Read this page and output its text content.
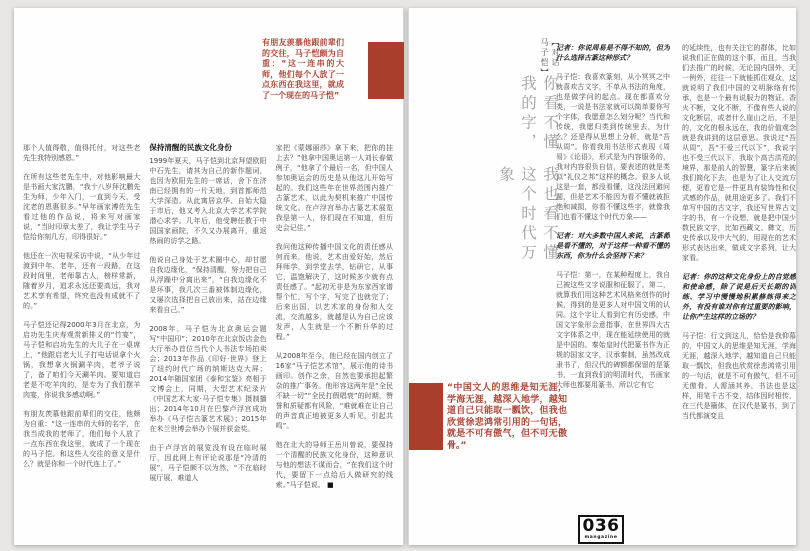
有朋友羡慕他跟前辈们的交往，马子恺颇为自重：“这一连串的大师，他们每个人放了一点东西在我这里，就成了一个现在的马子恺”

那个人值得敬，值得托付，对这些老先生我特别感恩。”

在所有这些老先生中，对他影响最大是书画大家沈鹏，“我十八岁拜沈鹏先生为师，少年入门，一直到今天，受沈老的恩惠很多。”早年画家溥佐先生看过他的作品说，将来写对画家说，“当时印章太差了，我让学生马子恺给你刻几方，印得很好。”

他还在一次电视采访中说，“从少年过渡到中年、老年，还有一段路，在这段时间里，老师靠古人，榜样常新，随着岁月，追求永远还要高远，我对艺术享有希望，终究也没有成就不了的。”

马子恺还记得2000年3月在北京，为启功先生庆寿观赏新排义的“竹宴”，马子恺和启功先生的大儿子在一桌席上，“他跟启老大儿子打电话说拿个火锅，我想拿火锅涮羊肉，老爷子说了，备了咱们今天涮羊肉。要知道启老是不吃羊肉的，是专为了我们摆羊肉宴，你说我多感动啊。”

有朋友羡慕他跟前辈们的交往，他颇为自重：“这一连串的大师的名字，在我当成我的老师了，他们每个人放了一点东西在我这里，就成了一个现在的马子恺。和这些人交往的意义是什么？就是你和一个时代连上了。”

保持清醒的民族文化身份

1999年夏天，马子恺到北京拜望欧阳中石先生，请其为自己的新作题词，也因为欧阳先生的一席话，舍下在济南已经拥有的一片天地，到首都师范大学深造。从此寓居京华、自始大隐于市后，他又考入北京大学艺术学院潜心求学。几年后，他受聘任教于中国国家画院，不久又办展离开，重返热闹的访学之路。

他说自己身处于艺术圈中心，却甘愿自我边缘化，“保持清醒，努力把自己从浮躁中分离出来”，“自我边缘化不是坏事，我几次三番被体制边缘化，又屡次选择把自己放出来，站在边缘来看自己。”

2008年，马子恺为北京奥运会题写“中国印”；2010年在北京饭店金色大厅举办首位当代个人书法专场拍卖会；2013年作品《印好·世界》登上了纽约时代广场的纳斯达克大屏；2014年随国家团《泰和宝鉴》亮相于文博会上，同期，大型艺术纪录片《中国艺术大家·马子恺专集》摄制播出；2014年10月在巴黎卢浮宫成功举办《马子恺古篆艺术展》；2015年在米兰世博会举办个展并获金奖。

由于卢浮宫的展览没有设在临时展厅，因此网上有评论说那是“冷清的展”，马子恺颇不以为然，“不在临时展厅展，难道人

家把《蒙娜丽莎》拿下来，把你的挂上去？”他拿中国奥运第一人刘长春做例子，“他拿了个最后一名，但中国人参加奥运会的历史是从他这儿开始写起的。我们这些年在世界范围内推广古篆艺术，以此为契机来推广中国传统文化。在卢浮宫举办古篆艺术展览我是第一人，你们现在不知道，但历史会记住。”

我问他这种传播中国文化的责任感从何而来，他说，艺术由爱好始，然后拜师学，到学堂去学，钻研它，从事它，温饱解决了，这时候多少就有点责任感了。“起初无非是为东家西家谱帮个忙，写个字，写完了也就完了；后来出国，以艺术家的身份和人交流，交流越多，就越是认为自己应该发声，人生就是一个不断升华的过程。”

从2008年至今，他已经在国内创立了16家“马子恺艺术馆”，展示他的诗书画印。创作之余，自然也要承担起繁杂的推广事务。他形容这两年是“全民不缺一切”“全民打假唱衰”的时期，赞誉和质疑都有风险，“难就难在让自己的声音真正地被更多人听见，引起共鸣”。

他在北大的导师王岳川曾说，要保持一个清醒的民族文化身份，这种意识与他的想法不谋而合，“在我们这个时代，要留下一点给后人做研究的线索。”马子恺说。 ■

【对话马子恺】
你看不懂我的字，
我也看不懂这个时代万象

记者：你说周易是不得不知的，但为什么选择古篆这种形式？

马子恺：我喜欢篆刻，从小冥冥之中就喜欢古文字，不单从书法的角度，也是做学问的起点。现在都喜欢分类，一说是书法家就可以简单要你写个字体，我愿意怎么划分呢？当代和传统，我愿归类到传统里去，为什么？还是得从思想上分析，就是“吾从周”。你看我用书法形式表现《周易》《论语》，形式是为内容服务的，我对内容很负自信，要表述的就是类似“礼仪之邦”这样的概念。很多人说这是一套，都没看懂，这没法回避问题，但是艺术不能因为看不懂就被拒绝和减损，你看不懂这些字，就像我们也看不懂这个时代万象——

记者：对大多数中国人来说，古篆都是看不懂的，对于这样一种看不懂的东西，你为什么会坚持下来？

马子恺：第一，在某种程度上，我自己被这些文字说服和征服了。第二，就算我们用这种艺术风格来创作的时候，得到的是更多人对中国文明的认同。这个字让人看到它有历史感，中国文字象形会意指事，在世界四大古文字体系之中，现在能延续使用的就是中国的。秦始皇时代把篆书作为正规的国家文字，汉承秦制，虽然改成隶书了，但汉代的碑额都保留的是篆书，一直到我们的明清时代，书画家大师也都要用篆书，所以它有它

的延续性，也有关注它的群体，比如说我们正在做的这个事，而且，当我们去推广的时候，无论国内国外，无一例外，往往一下就能抓住观众，这就说明了我们中国的文明脉络有传承，也是一个最有说服力的物证。香火不断，文化不断，不像有些人说的文化断层，或者什么崖山之后，不是的，文化的根永远在，我的价值观念就是我讲到的这层意思。我说过“吾从周”，吾“不爱三代以下”，我说字也不受三代以下，我取个高古洪荒的境界，那是前人的智慧，篆字后来被我们简化下去，也是为了让人交流方便，更看它是一件更具有装饰性和仪式感的作品，就用途更多了。我们不单写中国的古文字，我还写世界古文字的书，有一个设想，就是把中国少数民族文字，比如西藏文、彝文，历史传承以及中大气的，用现在的艺术形式表达出来，做成文字系列，让大家看。

记者：你的这种文化身份上的自觉感和使命感，除了说是后天长期的训练、学习中慢慢地积累修炼得来之外，有没有谁对你有过重要的影响，让你产生这样的立场的？

马子恺：行文到这儿，恰恰是我仰慕的，中国文人的思维是知无涯，学海无涯，越深入地学，越知道自己只能取一瓢饮，但我也欣赏徐悲鸿常引用的一句话，就是不可有傲气，但不可无傲骨。人需涵其养，书法也是这样，用笔千古不变，结体因时相传，在三代是籀体，在汉代是篆书，到了当代都演变且

“中国文人的思维是知无涯，学海无涯，越深入地学，越知道自己只能取一瓢饮，但我也欣赏徐悲鸿常引用的一句话，就是不可有傲气，但不可无傲骨。”
036
mangazine
